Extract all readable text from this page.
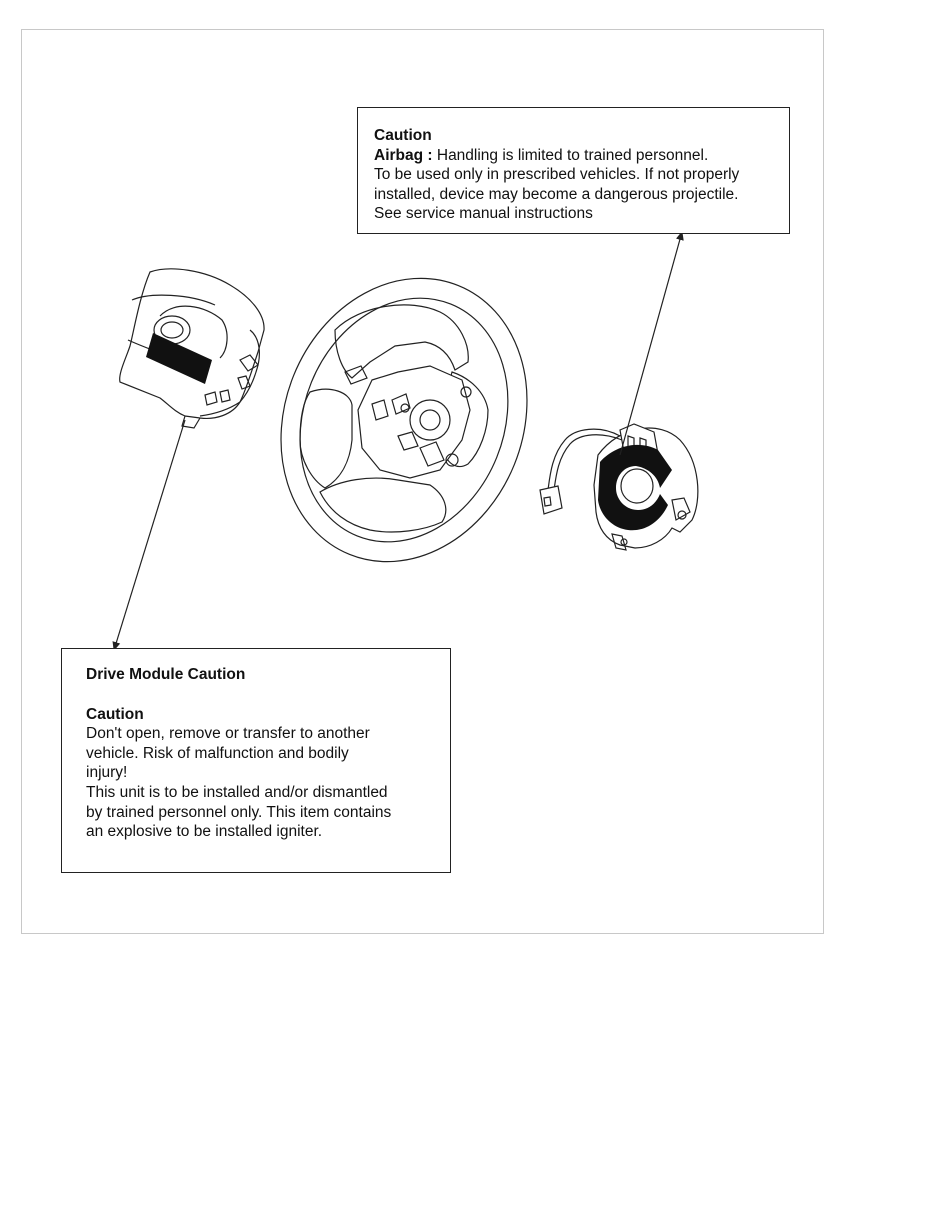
Caution
Airbag : Handling is limited to trained personnel.
To be used only in prescribed vehicles. If not properly
installed, device may become a dangerous projectile.
See service manual instructions
Drive Module Caution
Caution
Don't open, remove or transfer to another
vehicle. Risk of malfunction and bodily
injury!
This unit is to be installed and/or dismantled
by trained personnel only. This item contains
an explosive to be installed igniter.
